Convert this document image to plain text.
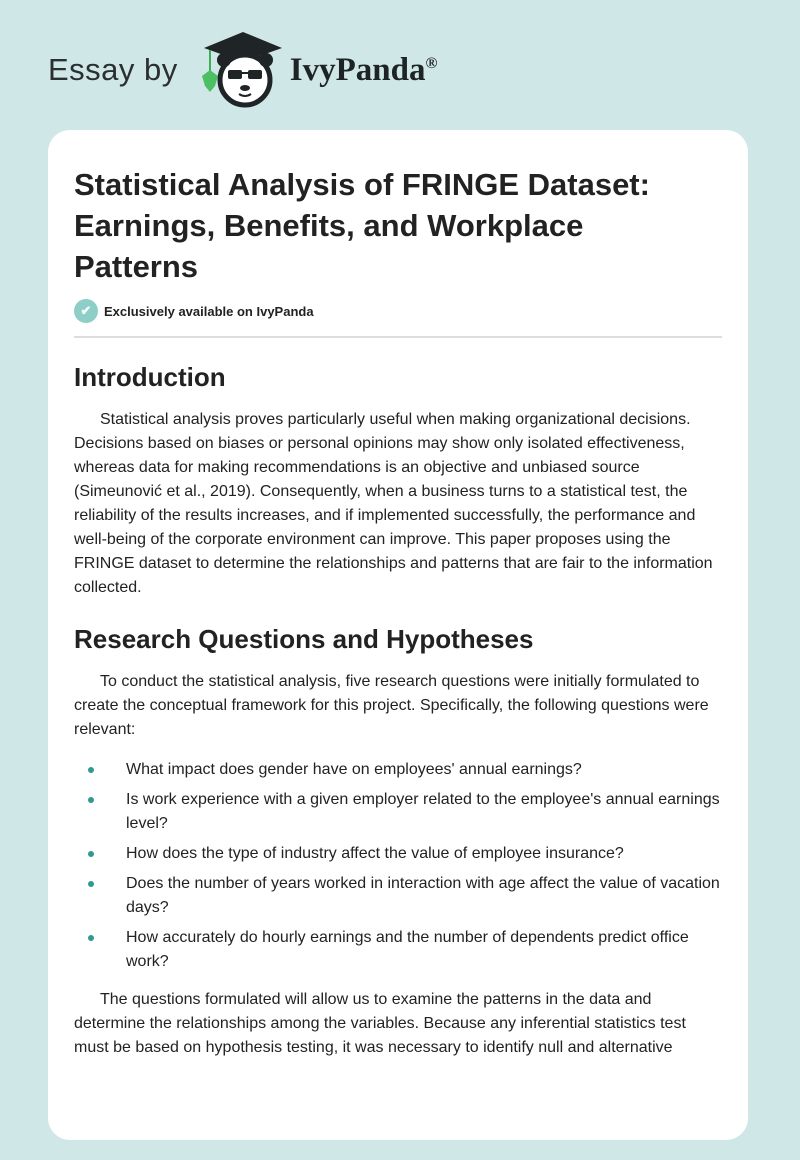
Essay by	IvyPanda®
Statistical Analysis of FRINGE Dataset: Earnings, Benefits, and Workplace Patterns
✔ Exclusively available on IvyPanda
Introduction

Statistical analysis proves particularly useful when making organizational decisions. Decisions based on biases or personal opinions may show only isolated effectiveness, whereas data for making recommendations is an objective and unbiased source (Simeunović et al., 2019). Consequently, when a business turns to a statistical test, the reliability of the results increases, and if implemented successfully, the performance and well-being of the corporate environment can improve. This paper proposes using the FRINGE dataset to determine the relationships and patterns that are fair to the information collected.

Research Questions and Hypotheses

To conduct the statistical analysis, five research questions were initially formulated to create the conceptual framework for this project. Specifically, the following questions were relevant:

What impact does gender have on employees' annual earnings?
Is work experience with a given employer related to the employee's annual earnings level?
How does the type of industry affect the value of employee insurance?
Does the number of years worked in interaction with age affect the value of vacation days?
How accurately do hourly earnings and the number of dependents predict office work?

The questions formulated will allow us to examine the patterns in the data and determine the relationships among the variables. Because any inferential statistics test must be based on hypothesis testing, it was necessary to identify null and alternative
